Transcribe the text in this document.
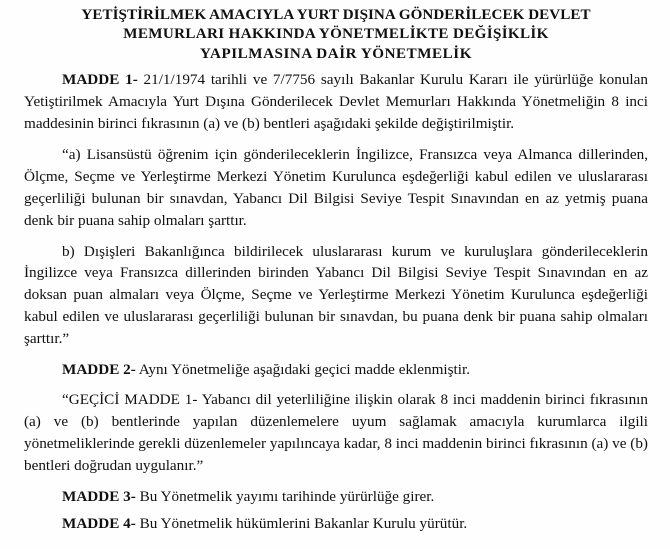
YETİŞTİRİLMEK AMACIYLA YURT DIŞINA GÖNDERİLECEK DEVLET
MEMURLARI HAKKINDA YÖNETMELİKTE DEĞİŞİKLİK
YAPILMASINA DAİR YÖNETMELİK

MADDE 1- 21/1/1974 tarihli ve 7/7756 sayılı Bakanlar Kurulu Kararı ile yürürlüğe konulan Yetiştirilmek Amacıyla Yurt Dışına Gönderilecek Devlet Memurları Hakkında Yönetmeliğin 8 inci maddesinin birinci fıkrasının (a) ve (b) bentleri aşağıdaki şekilde değiştirilmiştir.

“a) Lisansüstü öğrenim için gönderileceklerin İngilizce, Fransızca veya Almanca dillerinden, Ölçme, Seçme ve Yerleştirme Merkezi Yönetim Kurulunca eşdeğerliği kabul edilen ve uluslararası geçerliliği bulunan bir sınavdan, Yabancı Dil Bilgisi Seviye Tespit Sınavından en az yetmiş puana denk bir puana sahip olmaları şarttır.

b) Dışişleri Bakanlığınca bildirilecek uluslararası kurum ve kuruluşlara gönderileceklerin İngilizce veya Fransızca dillerinden birinden Yabancı Dil Bilgisi Seviye Tespit Sınavından en az doksan puan almaları veya Ölçme, Seçme ve Yerleştirme Merkezi Yönetim Kurulunca eşdeğerliği kabul edilen ve uluslararası geçerliliği bulunan bir sınavdan, bu puana denk bir puana sahip olmaları şarttır.”

MADDE 2- Aynı Yönetmeliğe aşağıdaki geçici madde eklenmiştir.

“GEÇİCİ MADDE 1- Yabancı dil yeterliliğine ilişkin olarak 8 inci maddenin birinci fıkrasının (a) ve (b) bentlerinde yapılan düzenlemelere uyum sağlamak amacıyla kurumlarca ilgili yönetmeliklerinde gerekli düzenlemeler yapılıncaya kadar, 8 inci maddenin birinci fıkrasının (a) ve (b) bentleri doğrudan uygulanır.”

MADDE 3- Bu Yönetmelik yayımı tarihinde yürürlüğe girer.

MADDE 4- Bu Yönetmelik hükümlerini Bakanlar Kurulu yürütür.
